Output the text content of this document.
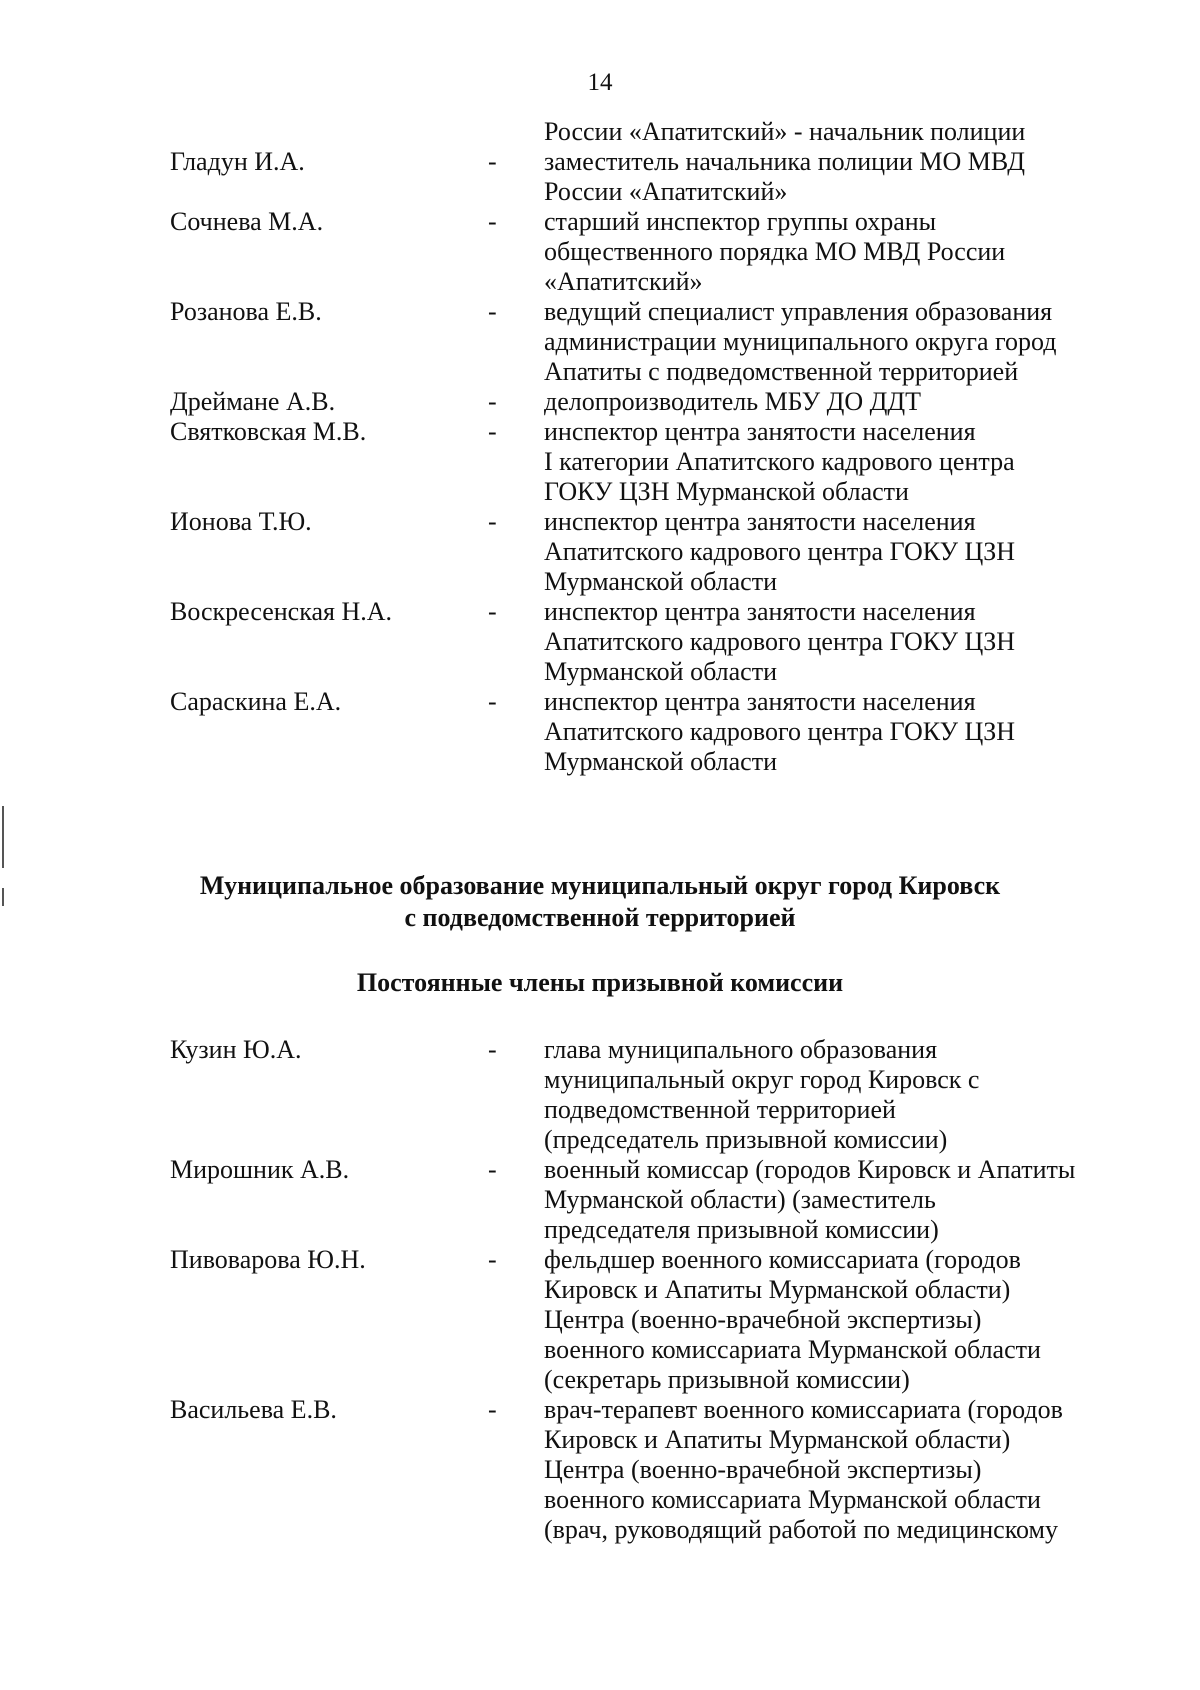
14
России «Апатитский» - начальник полиции
Гладун И.А.	- заместитель начальника полиции МО МВД
России «Апатитский»
Сочнева М.А.	- старший инспектор группы охраны
общественного порядка МО МВД России
«Апатитский»
Розанова Е.В.	- ведущий специалист управления образования
администрации муниципального округа город
Апатиты с подведомственной территорией
Дреймане А.В.	- делопроизводитель МБУ ДО ДДТ
Святковская М.В.	- инспектор центра занятости населения
I категории Апатитского кадрового центра
ГОКУ ЦЗН Мурманской области
Ионова Т.Ю.	- инспектор центра занятости населения
Апатитского кадрового центра ГОКУ ЦЗН
Мурманской области
Воскресенская Н.А.	- инспектор центра занятости населения
Апатитского кадрового центра ГОКУ ЦЗН
Мурманской области
Сараскина Е.А.	- инспектор центра занятости населения
Апатитского кадрового центра ГОКУ ЦЗН
Мурманской области
Муниципальное образование муниципальный округ город Кировск
с подведомственной территорией
Постоянные члены призывной комиссии
Кузин Ю.А.	- глава муниципального образования
муниципальный округ город Кировск с
подведомственной территорией
(председатель призывной комиссии)
Мирошник А.В.	- военный комиссар (городов Кировск и Апатиты
Мурманской области) (заместитель
председателя призывной комиссии)
Пивоварова Ю.Н.	- фельдшер военного комиссариата (городов
Кировск и Апатиты Мурманской области)
Центра (военно-врачебной экспертизы)
военного комиссариата Мурманской области
(секретарь призывной комиссии)
Васильева Е.В.	- врач-терапевт военного комиссариата (городов
Кировск и Апатиты Мурманской области)
Центра (военно-врачебной экспертизы)
военного комиссариата Мурманской области
(врач, руководящий работой по медицинскому
